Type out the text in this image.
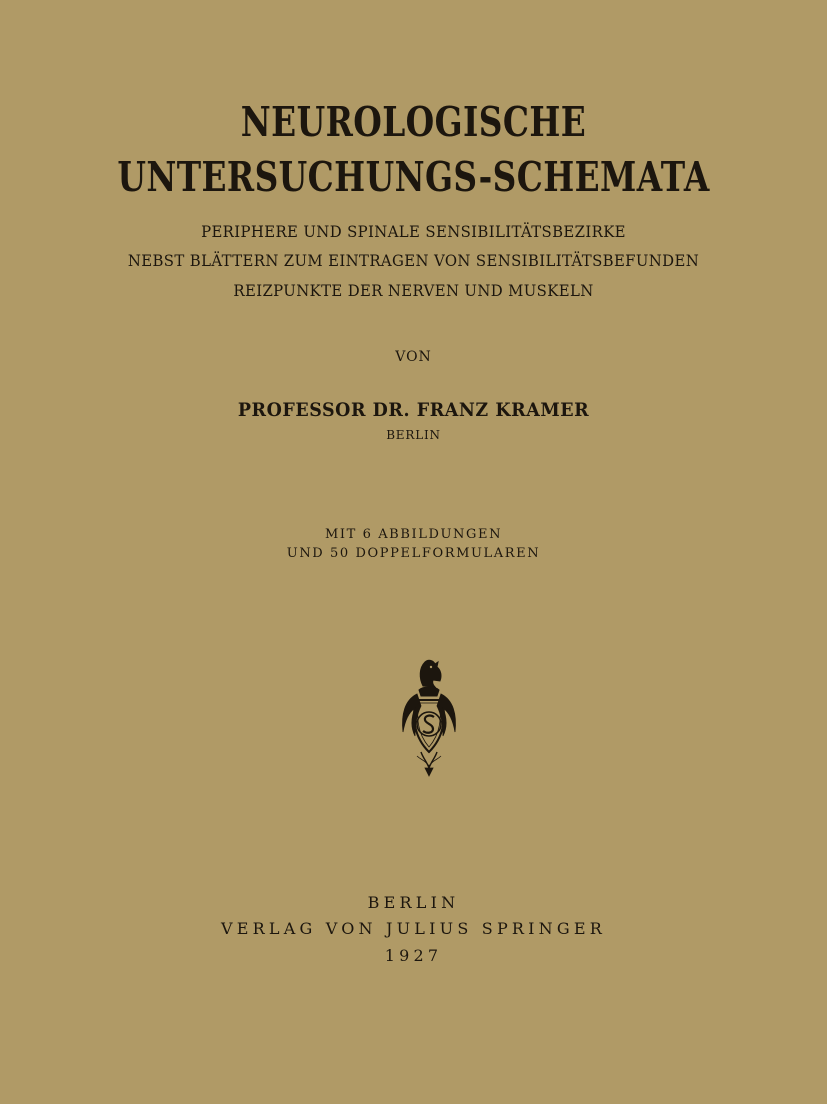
NEUROLOGISCHE
UNTERSUCHUNGS-SCHEMATA
PERIPHERE UND SPINALE SENSIBILITÄTSBEZIRKE
NEBST BLÄTTERN ZUM EINTRAGEN VON SENSIBILITÄTSBEFUNDEN
REIZPUNKTE DER NERVEN UND MUSKELN
VON
PROFESSOR DR. FRANZ KRAMER
BERLIN
MIT 6 ABBILDUNGEN
UND 50 DOPPELFORMULAREN
BERLIN
VERLAG VON JULIUS SPRINGER
1927
